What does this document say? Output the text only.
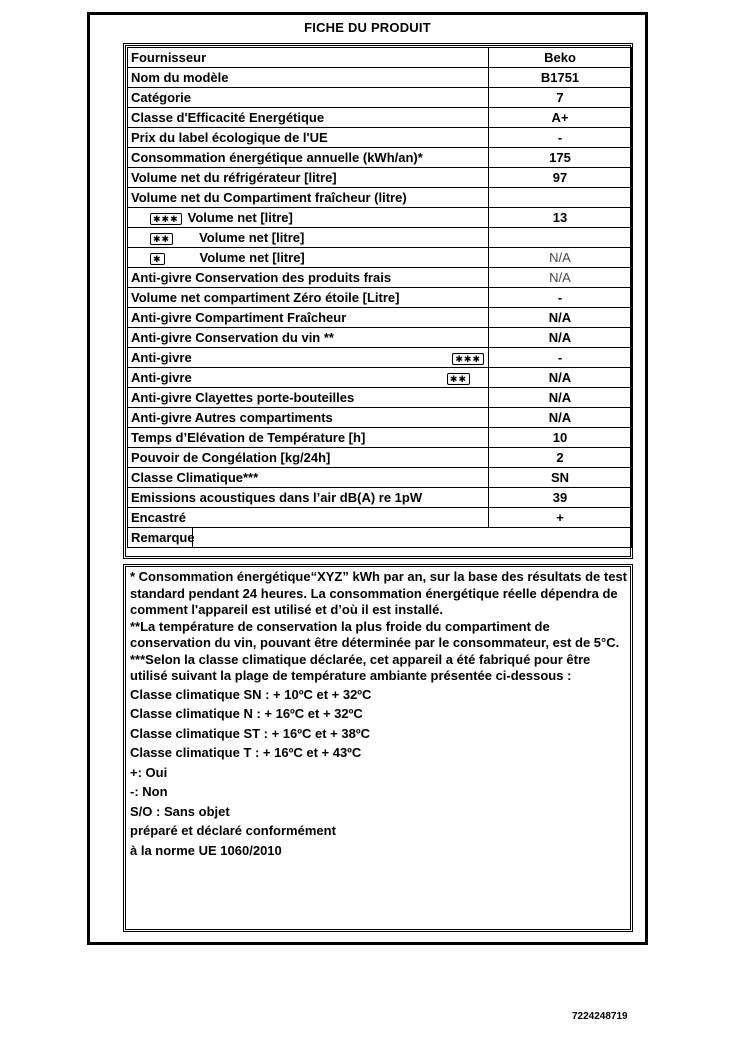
FICHE DU PRODUIT
Fournisseur	Beko
Nom du modèle	B1751
Catégorie	7
Classe d'Efficacité Energétique	A+
Prix du label écologique de l'UE	-
Consommation énergétique annuelle (kWh/an)*	175
Volume net du réfrigérateur [litre]	97
Volume net du Compartiment fraîcheur (litre)	
✱✱✱ Volume net [litre]	13
✱✱ Volume net [litre]	
✱ Volume net [litre]	N/A
Anti-givre Conservation des produits frais	N/A
Volume net compartiment Zéro étoile [Litre]	-
Anti-givre Compartiment Fraîcheur	N/A
Anti-givre Conservation du vin **	N/A
Anti-givre ✱✱✱	-
Anti-givre ✱✱	N/A
Anti-givre Clayettes porte-bouteilles	N/A
Anti-givre Autres compartiments	N/A
Temps d’Elévation de Température [h]	10
Pouvoir de Congélation [kg/24h]	2
Classe Climatique***	SN
Emissions acoustiques dans l’air dB(A) re 1pW	39
Encastré	+
Remarque	

* Consommation énergétique“XYZ” kWh par an, sur la base des résultats de test standard pendant 24 heures. La consommation énergétique réelle dépendra de comment l'appareil est utilisé et d’où il est installé.

**La température de conservation la plus froide du compartiment de conservation du vin, pouvant être déterminée par le consommateur, est de 5°C.

***Selon la classe climatique déclarée, cet appareil a été fabriqué pour être utilisé suivant la plage de température ambiante présentée ci-dessous :

Classe climatique SN : + 10ºC et + 32ºC

Classe climatique N : + 16ºC et + 32ºC

Classe climatique ST : + 16ºC et + 38ºC

Classe climatique T : + 16ºC et + 43ºC

+: Oui

-: Non

S/O : Sans objet

préparé et déclaré conformément

à la norme UE 1060/2010

7224248719
